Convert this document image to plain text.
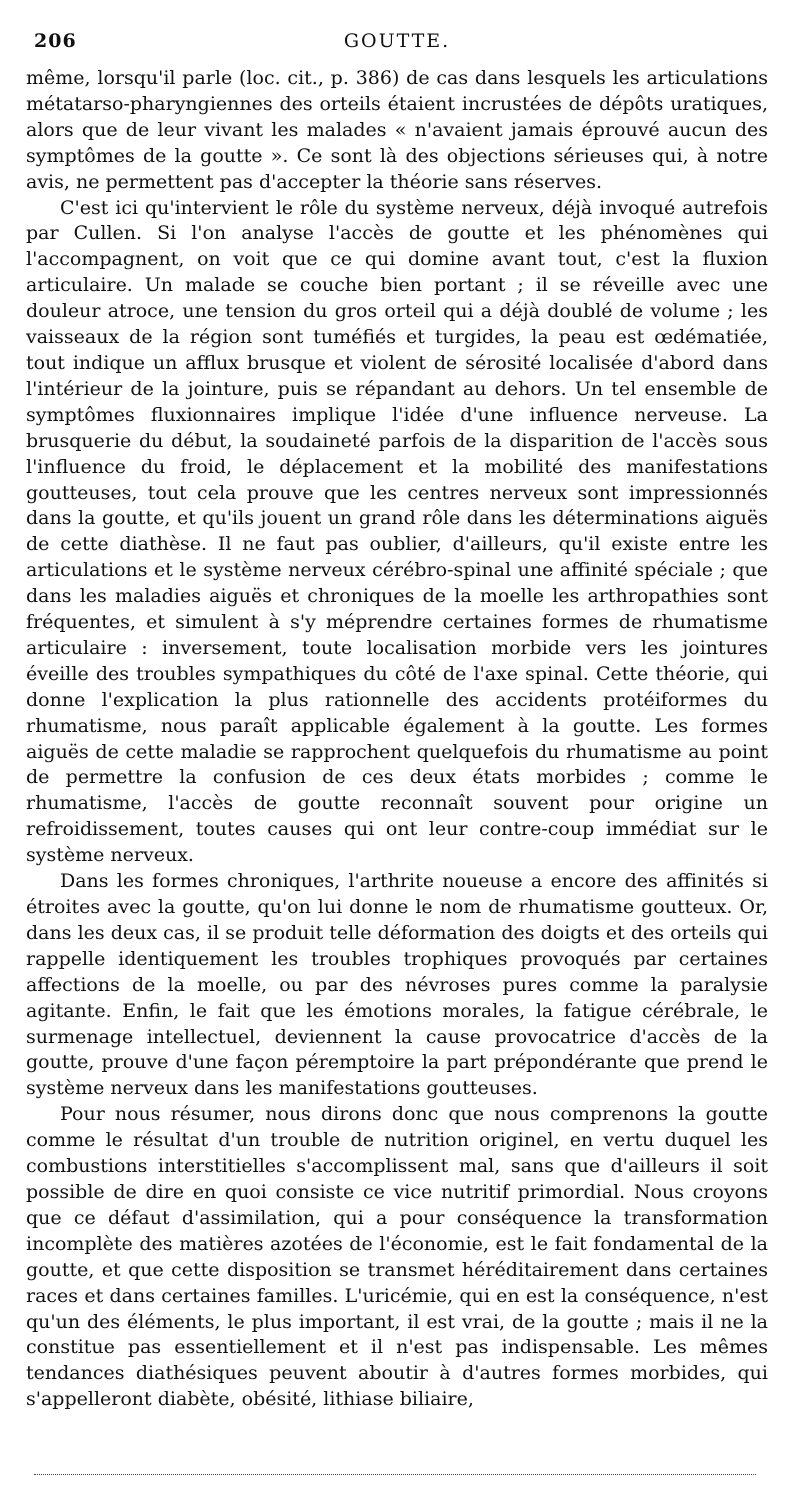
206	GOUTTE.

même, lorsqu'il parle (loc. cit., p. 386) de cas dans lesquels les articulations métatarso-pharyngiennes des orteils étaient incrustées de dépôts uratiques, alors que de leur vivant les malades « n'avaient jamais éprouvé aucun des symptômes de la goutte ». Ce sont là des objections sérieuses qui, à notre avis, ne permettent pas d'accepter la théorie sans réserves.

C'est ici qu'intervient le rôle du système nerveux, déjà invoqué autrefois par Cullen. Si l'on analyse l'accès de goutte et les phénomènes qui l'accompagnent, on voit que ce qui domine avant tout, c'est la fluxion articulaire. Un malade se couche bien portant ; il se réveille avec une douleur atroce, une tension du gros orteil qui a déjà doublé de volume ; les vaisseaux de la région sont tuméfiés et turgides, la peau est œdématiée, tout indique un afflux brusque et violent de sérosité localisée d'abord dans l'intérieur de la jointure, puis se répandant au dehors. Un tel ensemble de symptômes fluxionnaires implique l'idée d'une influence nerveuse. La brusquerie du début, la soudaineté parfois de la disparition de l'accès sous l'influence du froid, le déplacement et la mobilité des manifestations goutteuses, tout cela prouve que les centres nerveux sont impressionnés dans la goutte, et qu'ils jouent un grand rôle dans les déterminations aiguës de cette diathèse. Il ne faut pas oublier, d'ailleurs, qu'il existe entre les articulations et le système nerveux cérébro-spinal une affinité spéciale ; que dans les maladies aiguës et chroniques de la moelle les arthropathies sont fréquentes, et simulent à s'y méprendre certaines formes de rhumatisme articulaire : inversement, toute localisation morbide vers les jointures éveille des troubles sympathiques du côté de l'axe spinal. Cette théorie, qui donne l'explication la plus rationnelle des accidents protéiformes du rhumatisme, nous paraît applicable également à la goutte. Les formes aiguës de cette maladie se rapprochent quelquefois du rhumatisme au point de permettre la confusion de ces deux états morbides ; comme le rhumatisme, l'accès de goutte reconnaît souvent pour origine un refroidissement, toutes causes qui ont leur contre-coup immédiat sur le système nerveux.

Dans les formes chroniques, l'arthrite noueuse a encore des affinités si étroites avec la goutte, qu'on lui donne le nom de rhumatisme goutteux. Or, dans les deux cas, il se produit telle déformation des doigts et des orteils qui rappelle identiquement les troubles trophiques provoqués par certaines affections de la moelle, ou par des névroses pures comme la paralysie agitante. Enfin, le fait que les émotions morales, la fatigue cérébrale, le surmenage intellectuel, deviennent la cause provocatrice d'accès de la goutte, prouve d'une façon péremptoire la part prépondérante que prend le système nerveux dans les manifestations goutteuses.

Pour nous résumer, nous dirons donc que nous comprenons la goutte comme le résultat d'un trouble de nutrition originel, en vertu duquel les combustions interstitielles s'accomplissent mal, sans que d'ailleurs il soit possible de dire en quoi consiste ce vice nutritif primordial. Nous croyons que ce défaut d'assimilation, qui a pour conséquence la transformation incomplète des matières azotées de l'économie, est le fait fondamental de la goutte, et que cette disposition se transmet héréditairement dans certaines races et dans certaines familles. L'uricémie, qui en est la conséquence, n'est qu'un des éléments, le plus important, il est vrai, de la goutte ; mais il ne la constitue pas essentiellement et il n'est pas indispensable. Les mêmes tendances diathésiques peuvent aboutir à d'autres formes morbides, qui s'appelleront diabète, obésité, lithiase biliaire,
